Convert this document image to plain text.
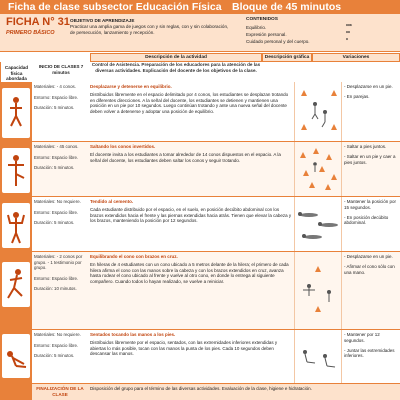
Ficha de clase subsector Educación Física Bloque de 45 minutos
FICHA N° 31
PRIMERO BÁSICO
OBJETIVO DE APRENDIZAJE
Practicar una amplia gama de juegos con y sin reglas, con y sin colaboración, de persecución, lanzamiento y recepción.
CONTENIDOS
Equilibrio.	***
Expresión personal.	**
Cuidado personal y del cuerpo.	*
Descripción de la actividad	Descripción gráfica	Variaciones
Capacidad física abordada
INICIO DE CLASES 7 minutos
Control de Asistencia. Preparación de los educadores para la atención de las diversas actividades. Explicación del docente de los objetivos de la clase.
Materiales: - 4 conos.
Entorno: Espacio libre.
Duración: 5 minutos.
Desplazarse y detenerse en equilibrio.
Distribuidos libremente en el espacio delimitado por 4 conos, los estudiantes se desplazan trotando en diferentes direcciones. A la señal del docente, los estudiantes se detienen y mantienen una posición en un pie por 10 segundos. Luego continúan trotando y ante una nueva señal del docente deben volver a detenerse y adoptar una posición de equilibrio.
- Desplazarse en un pie.
- En parejas.
Materiales: - 45 conos.
Entorno: Espacio libre.
Duración: 5 minutos.
Saltando los conos invertidos.
El docente invita a los estudiantes a tomar alrededor de 14 conos dispuestos en el espacio. A la señal del docente, los estudiantes deben saltar los conos y seguir trotando.
- Saltar a pies juntos.
- Saltar en un pie y caer a pies juntos.
Materiales: No requiere.
Entorno: Espacio libre.
Duración: 5 minutos.
Tendido al cemento.
Cada estudiante distribuido por el espacio, en el suelo, en posición decúbito abdominal con los brazos extendidos hacia el frente y las piernas extendidas hacia atrás. Tienen que elevar la cabeza y los brazos, manteniendo la posición por 12 segundos.
- Mantener la posición por 15 segundos.
- En posición decúbito abdominal.
Materiales: - 2 conos por grupo. - 1 testimonio por grupo.
Entorno: Espacio libre.
Duración: 10 minutos.
Equilibrando el cono con brazos en cruz.
En hileras de 4 estudiantes con un cono ubicado a 5 metros delante de la hilera; el primero de cada hilera afirma el cono con las manos sobre la cabeza y con los brazos extendidos en cruz, avanza hasta rodear el cono ubicado al frente y vuelve al otro cono, en donde lo entrega al siguiente compañero. Cuando todos lo hayan realizado, se vuelve a reiniciar.
- Desplazarse en un pie.
- Afirmar el cono sólo con una mano.
Materiales: No requiere.
Entorno: Espacio libre.
Duración: 5 minutos.
Sentados tocando las manos a los pies.
Distribuidos libremente por el espacio, sentados, con las extremidades inferiores extendidas y abiertas lo más posible, tocan con las manos la punta de los pies. Cada 10 segundos deben descansar las manos.
- Mantener por 12 segundos.
- Juntar las extremidades inferiores.
FINALIZACIÓN DE LA CLASE
Disposición del grupo para el término de las diversas actividades. Evaluación de la clase, higiene e hidratación.
